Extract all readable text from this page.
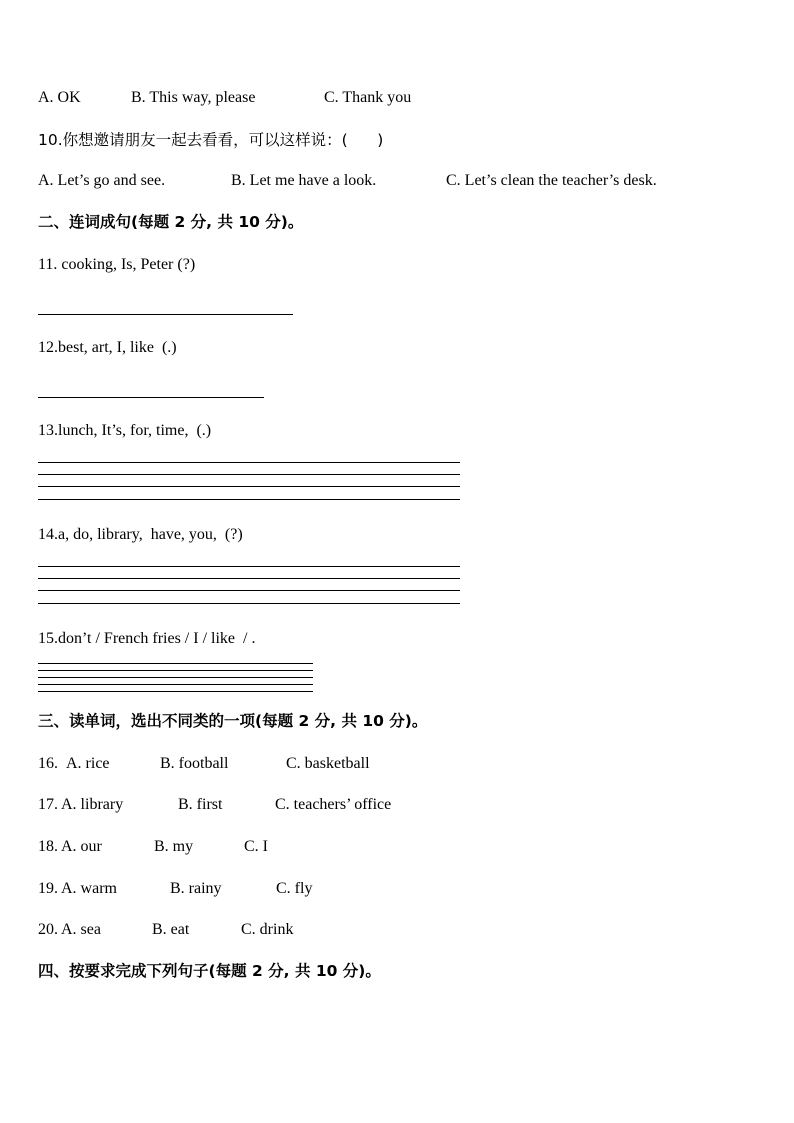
A. OK	B. This way, please	C. Thank you
10.你想邀请朋友一起去看看，可以这样说：(      )
A. Let’s go and see.	B. Let me have a look.	C. Let’s clean the teacher’s desk.
二、连词成句(每题 2 分, 共 10 分)。
11. cooking, Is, Peter (?)
12.best, art, I, like  (.)
13.lunch, It’s, for, time,  (.)
14.a, do, library,  have, you,  (?)
15.don’t / French fries / I / like  / .
三、读单词，选出不同类的一项(每题 2 分, 共 10 分)。
16. A. rice	B. football	C. basketball
17. A. library	B. first	C. teachers’ office
18. A. our	B. my	C. I
19. A. warm	B. rainy	C. fly
20. A. sea	B. eat	C. drink
四、按要求完成下列句子(每题 2 分, 共 10 分)。
